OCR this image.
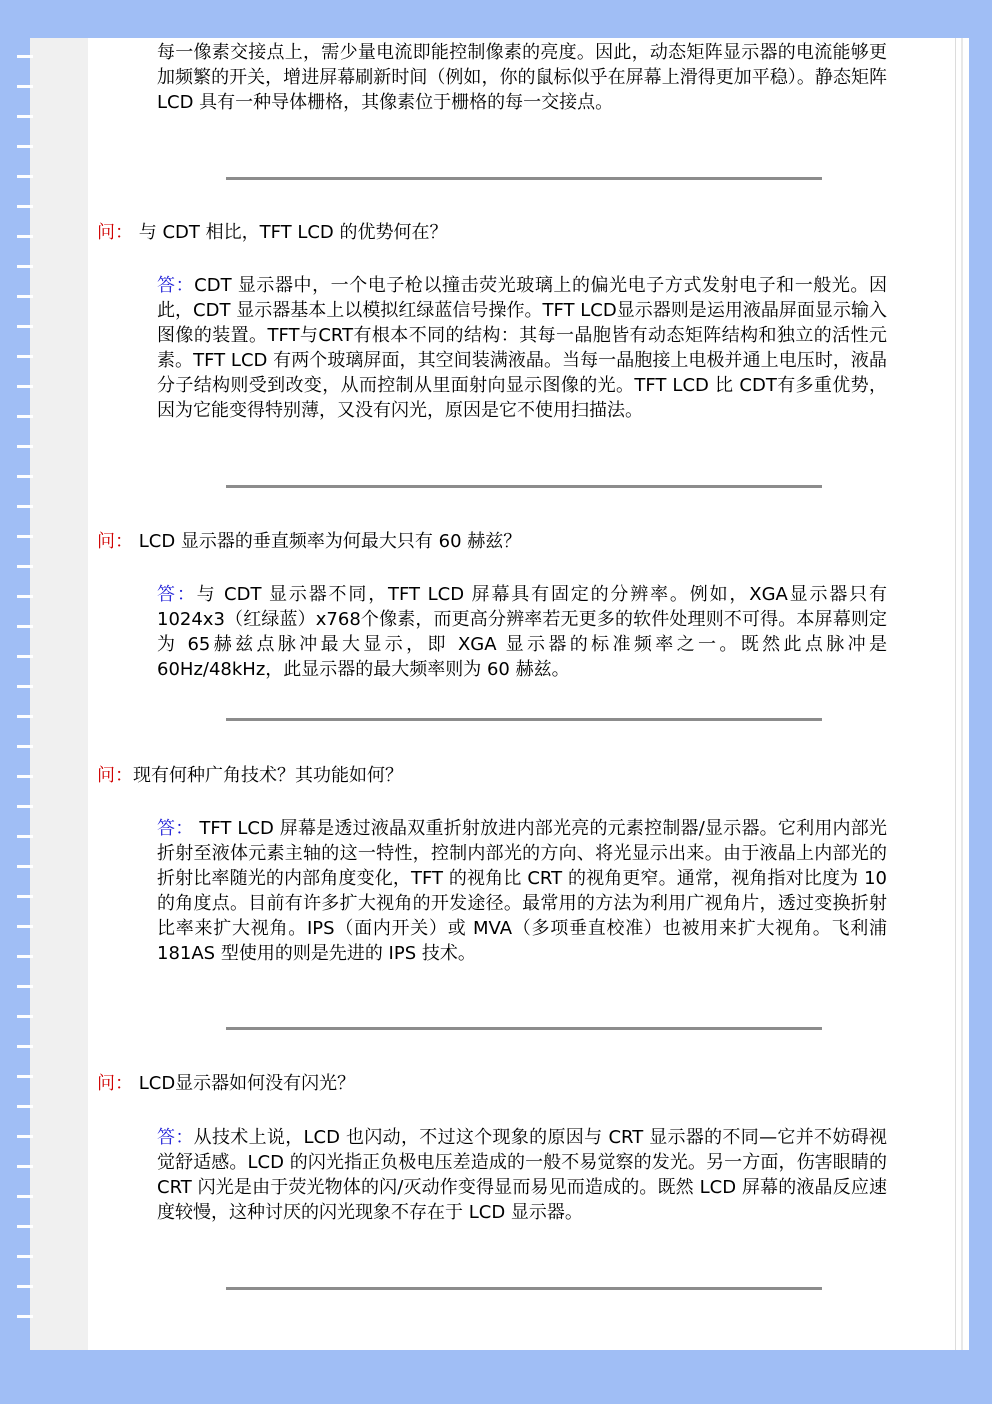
每一像素交接点上，需少量电流即能控制像素的亮度。因此，动态矩阵显示器的电流能够更加频繁的开关，增进屏幕刷新时间（例如，你的鼠标似乎在屏幕上滑得更加平稳）。静态矩阵 LCD 具有一种导体栅格，其像素位于栅格的每一交接点。

问： 与 CDT 相比，TFT LCD 的优势何在？

答：CDT 显示器中，一个电子枪以撞击荧光玻璃上的偏光电子方式发射电子和一般光。因此，CDT 显示器基本上以模拟红绿蓝信号操作。TFT LCD显示器则是运用液晶屏面显示输入图像的装置。TFT与CRT有根本不同的结构：其每一晶胞皆有动态矩阵结构和独立的活性元素。TFT LCD 有两个玻璃屏面，其空间装满液晶。当每一晶胞接上电极并通上电压时，液晶分子结构则受到改变，从而控制从里面射向显示图像的光。TFT LCD 比 CDT有多重优势，因为它能变得特别薄，又没有闪光，原因是它不使用扫描法。

问： LCD 显示器的垂直频率为何最大只有 60 赫兹？

答：与 CDT 显示器不同，TFT LCD 屏幕具有固定的分辨率。例如，XGA显示器只有1024x3（红绿蓝）x768个像素，而更高分辨率若无更多的软件处理则不可得。本屏幕则定为 65赫兹点脉冲最大显示，即 XGA 显示器的标准频率之一。既然此点脉冲是 60Hz/48kHz，此显示器的最大频率则为 60 赫兹。

问：现有何种广角技术？其功能如何？

答： TFT LCD 屏幕是透过液晶双重折射放进内部光亮的元素控制器/显示器。它利用内部光折射至液体元素主轴的这一特性，控制内部光的方向、将光显示出来。由于液晶上内部光的折射比率随光的内部角度变化，TFT 的视角比 CRT 的视角更窄。通常，视角指对比度为 10 的角度点。目前有许多扩大视角的开发途径。最常用的方法为利用广视角片，透过变换折射比率来扩大视角。IPS（面内开关）或 MVA（多项垂直校准）也被用来扩大视角。飞利浦 181AS 型使用的则是先进的 IPS 技术。

问： LCD显示器如何没有闪光？

答：从技术上说，LCD 也闪动，不过这个现象的原因与 CRT 显示器的不同—它并不妨碍视觉舒适感。LCD 的闪光指正负极电压差造成的一般不易觉察的发光。另一方面，伤害眼睛的 CRT 闪光是由于荧光物体的闪/灭动作变得显而易见而造成的。既然 LCD 屏幕的液晶反应速度较慢，这种讨厌的闪光现象不存在于 LCD 显示器。
